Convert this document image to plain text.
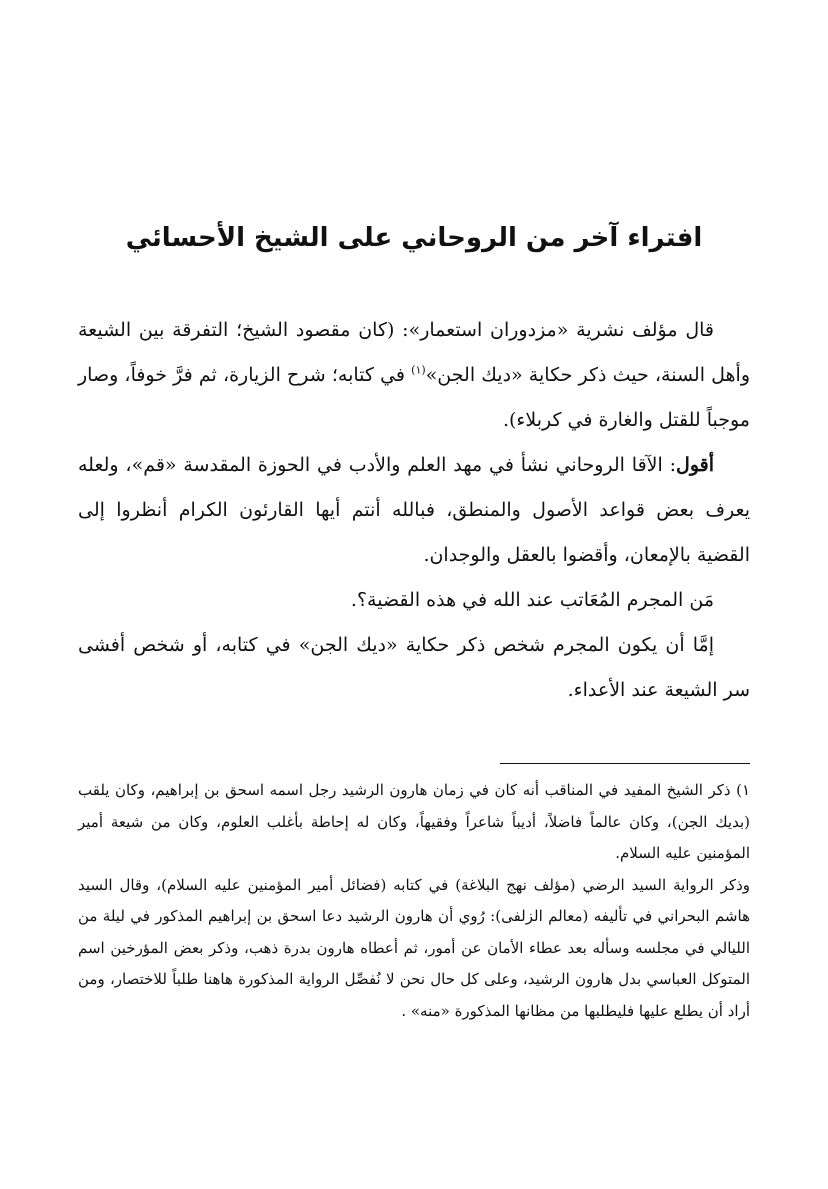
افتراء آخر من الروحاني على الشيخ الأحسائي

قال مؤلف نشرية «مزدوران استعمار»: (كان مقصود الشيخ؛ التفرقة بين الشيعة وأهل السنة، حيث ذكر حكاية «ديك الجن»$^{(١)}$ في كتابه؛ شرح الزيارة، ثم فرَّ خوفاً، وصار موجباً للقتل والغارة في كربلاء).

أقول: الآقا الروحاني نشأ في مهد العلم والأدب في الحوزة المقدسة «قم»، ولعله يعرف بعض قواعد الأصول والمنطق، فبالله أنتم أيها القارئون الكرام أنظروا إلى القضية بالإمعان، وأقضوا بالعقل والوجدان.

مَن المجرم المُعَاتب عند الله في هذه القضية؟.

إمَّا أن يكون المجرم شخص ذكر حكاية «ديك الجن» في كتابه، أو شخص أفشى سر الشيعة عند الأعداء.

١) ذكر الشيخ المفيد في المناقب أنه كان في زمان هارون الرشيد رجل اسمه اسحق بن إبراهيم، وكان يلقب (بديك الجن)، وكان عالماً فاضلاً، أديباً شاعراً وفقيهاً، وكان له إحاطة بأغلب العلوم، وكان من شيعة أمير المؤمنين عليه السلام.

وذكر الرواية السيد الرضي (مؤلف نهج البلاغة) في كتابه (فضائل أمير المؤمنين عليه السلام)، وقال السيد هاشم البحراني في تأليفه (معالم الزلفى): رُوي أن هارون الرشيد دعا اسحق بن إبراهيم المذكور في ليلة من الليالي في مجلسه وسأله بعد عطاء الأمان عن أمور، ثم أعطاه هارون بدرة ذهب، وذكر بعض المؤرخين اسم المتوكل العباسي بدل هارون الرشيد، وعلى كل حال نحن لا نُفصِّل الرواية المذكورة هاهنا طلباً للاختصار، ومن أراد أن يطلع عليها فليطلبها من مظانها المذكورة «منه» .
